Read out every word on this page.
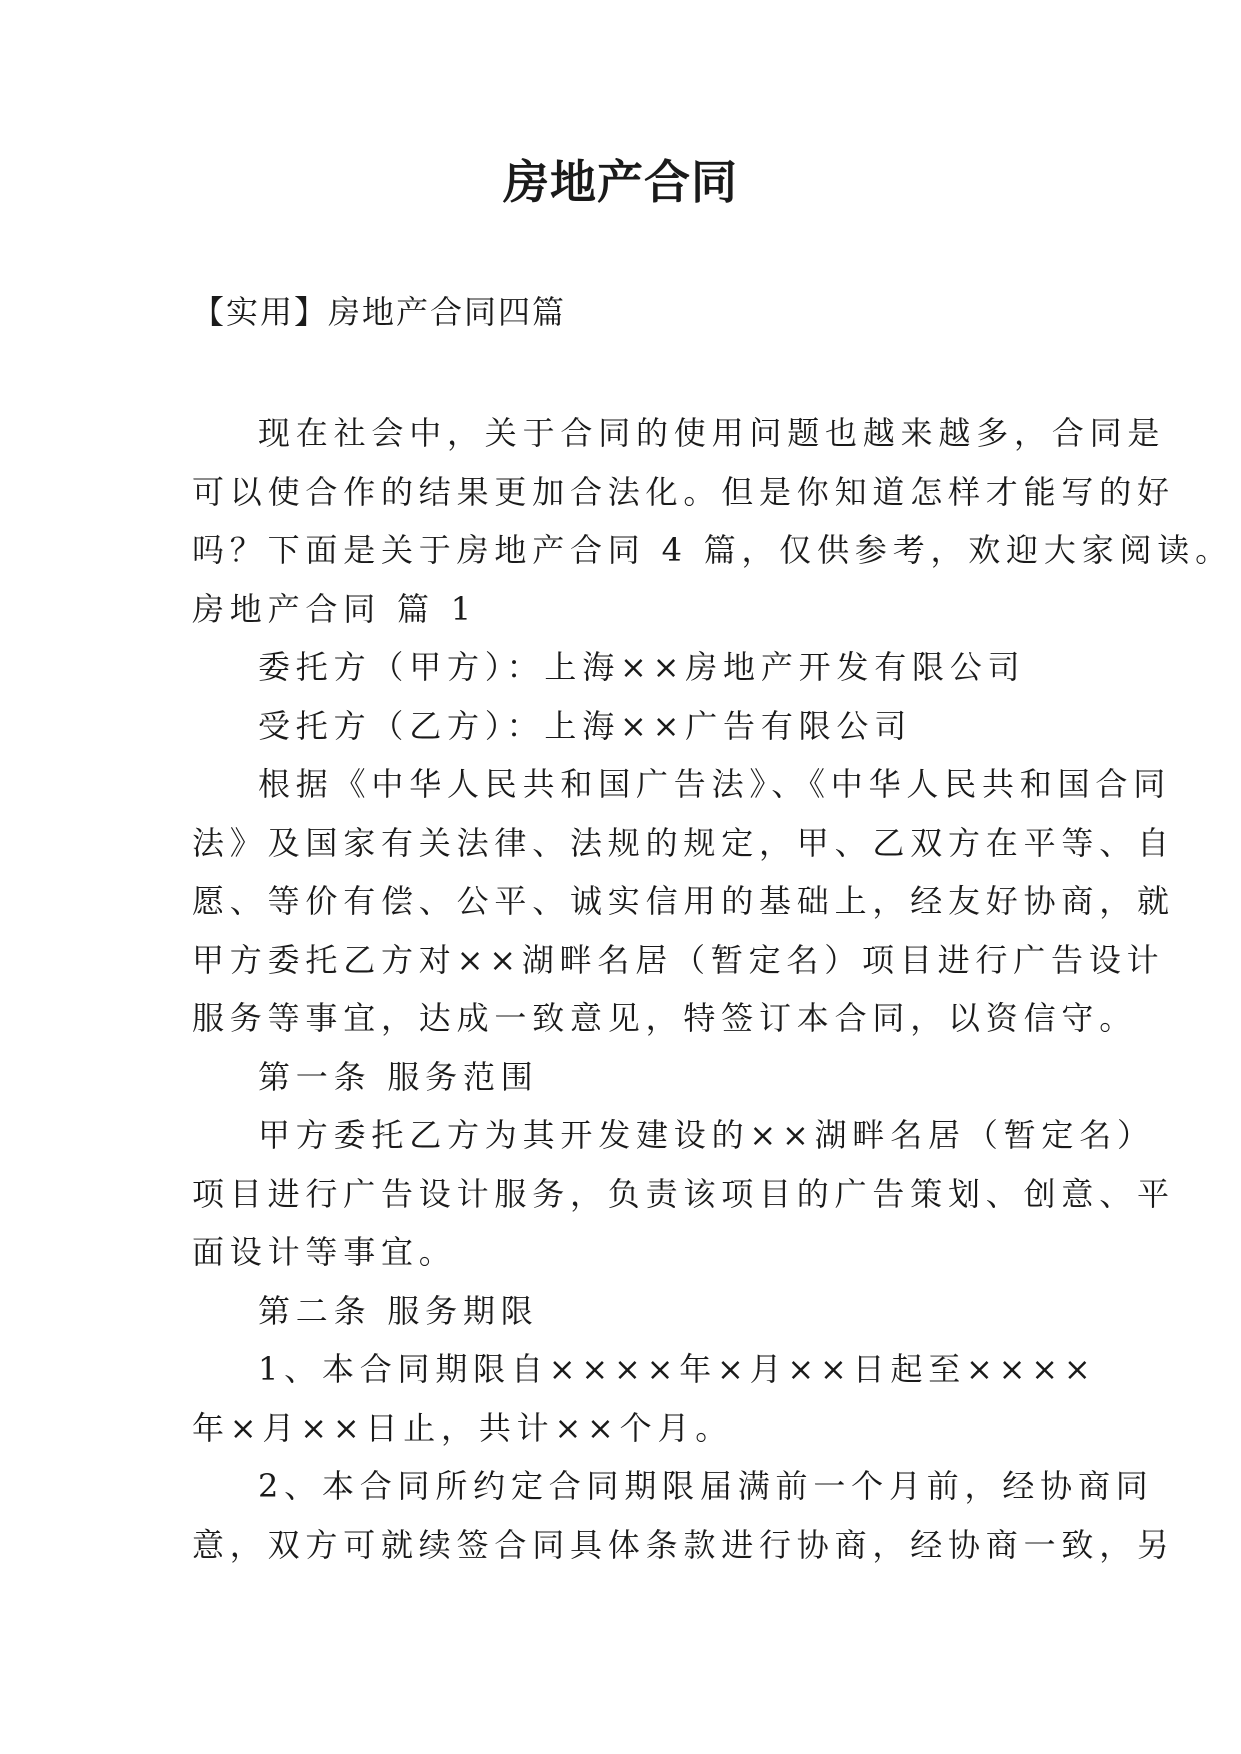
房地产合同

【实用】房地产合同四篇

现在社会中，关于合同的使用问题也越来越多，合同是
可以使合作的结果更加合法化。但是你知道怎样才能写的好
吗？下面是关于房地产合同 4 篇，仅供参考，欢迎大家阅读。

房地产合同 篇 1

委托方（甲方）：上海××房地产开发有限公司

受托方（乙方）：上海××广告有限公司

根据《中华人民共和国广告法》、《中华人民共和国合同
法》及国家有关法律、法规的规定，甲、乙双方在平等、自
愿、等价有偿、公平、诚实信用的基础上，经友好协商，就
甲方委托乙方对××湖畔名居（暂定名）项目进行广告设计
服务等事宜，达成一致意见，特签订本合同，以资信守。

第一条 服务范围

甲方委托乙方为其开发建设的××湖畔名居（暂定名）
项目进行广告设计服务，负责该项目的广告策划、创意、平
面设计等事宜。

第二条 服务期限

1、本合同期限自××××年×月××日起至××××
年×月××日止，共计××个月。

2、本合同所约定合同期限届满前一个月前，经协商同
意，双方可就续签合同具体条款进行协商，经协商一致，另
